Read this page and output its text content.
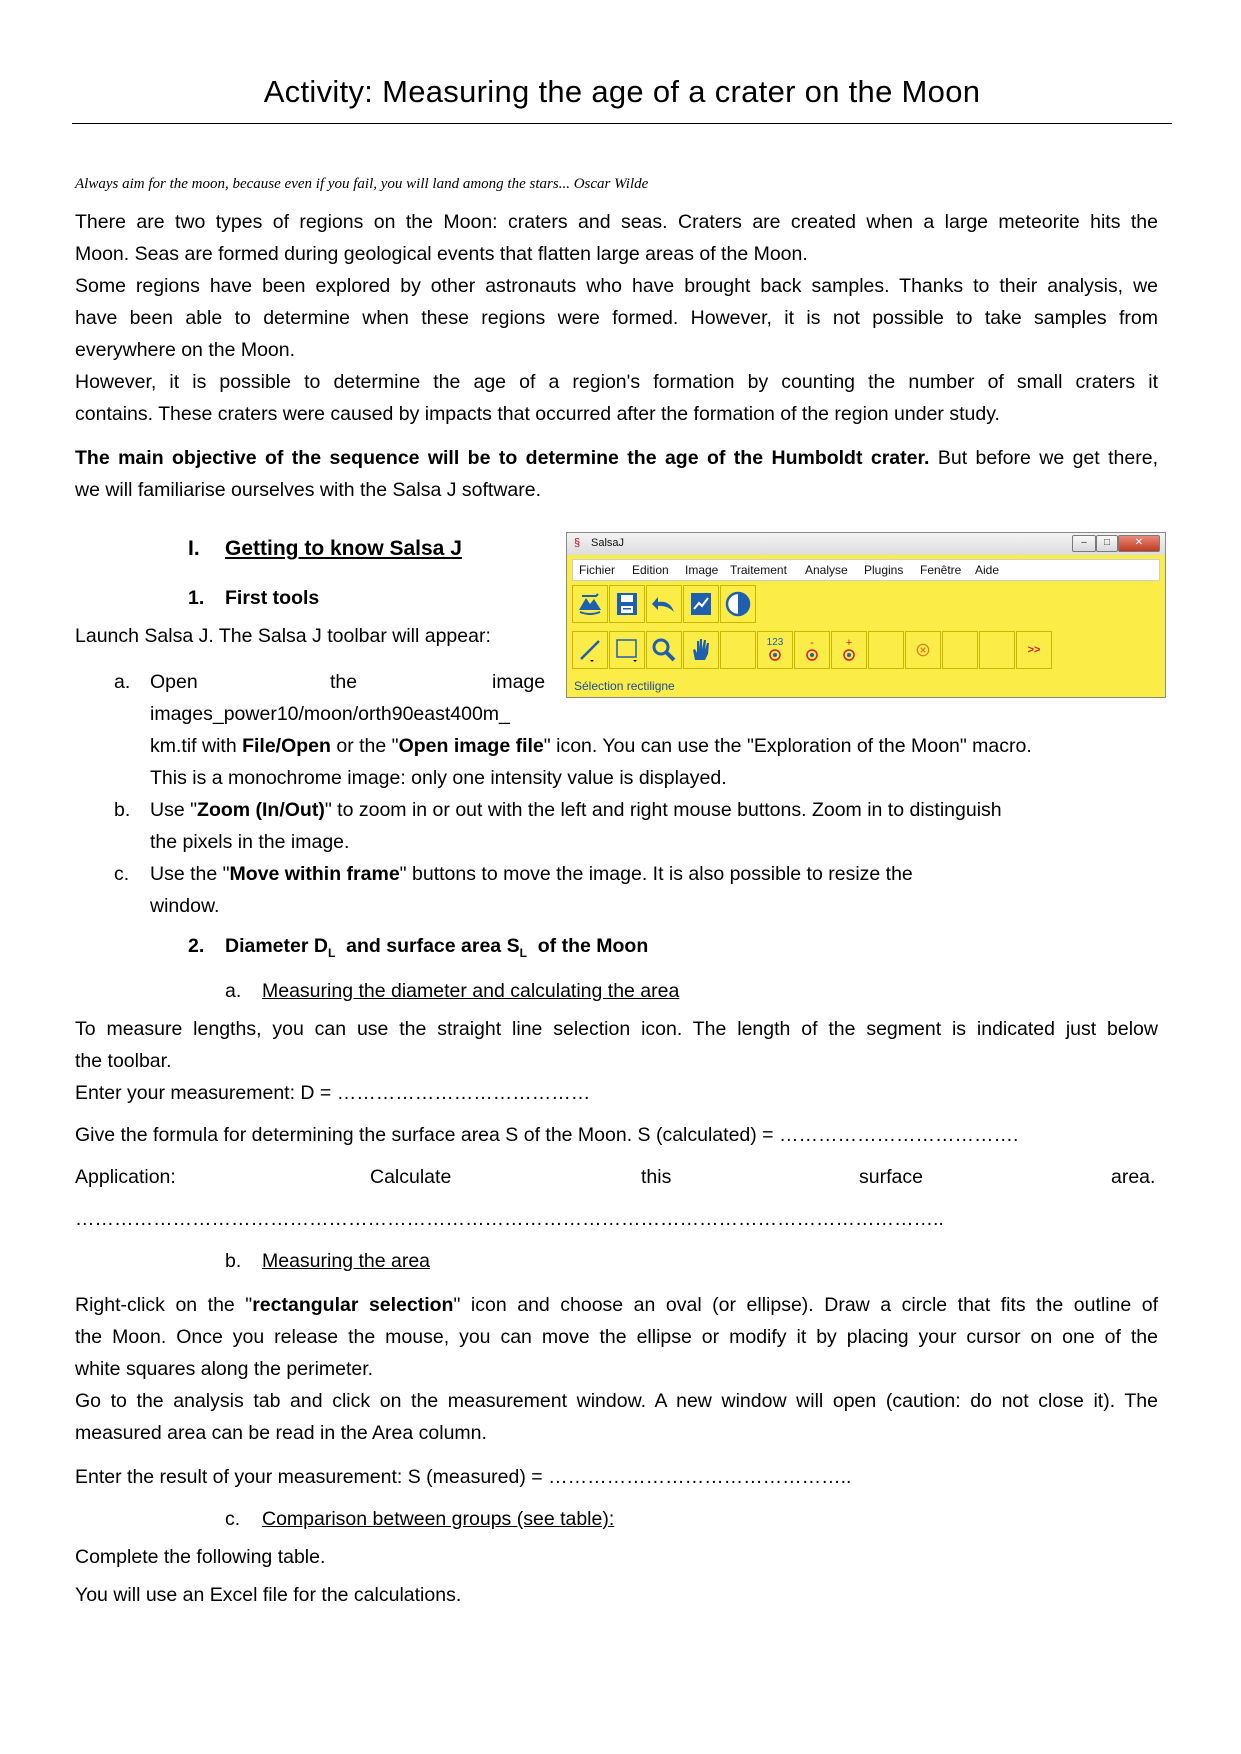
Activity: Measuring the age of a crater on the Moon
Always aim for the moon, because even if you fail, you will land among the stars... Oscar Wilde
There are two types of regions on the Moon: craters and seas. Craters are created when a large meteorite hits the
Moon. Seas are formed during geological events that flatten large areas of the Moon.
Some regions have been explored by other astronauts who have brought back samples. Thanks to their analysis, we
have been able to determine when these regions were formed. However, it is not possible to take samples from
everywhere on the Moon.
However, it is possible to determine the age of a region's formation by counting the number of small craters it
contains. These craters were caused by impacts that occurred after the formation of the region under study.
The main objective of the sequence will be to determine the age of the Humboldt crater. But before we get there,
we will familiarise ourselves with the Salsa J software.
I. Getting to know Salsa J
1. First tools
Launch Salsa J. The Salsa J toolbar will appear:
a. Open	the	image
images_power10/moon/orth90east400m_
km.tif with File/Open or the "Open image file" icon. You can use the "Exploration of the Moon" macro.
This is a monochrome image: only one intensity value is displayed.
b. Use "Zoom (In/Out)" to zoom in or out with the left and right mouse buttons. Zoom in to distinguish
the pixels in the image.
c. Use the "Move within frame" buttons to move the image. It is also possible to resize the
window.
§ SalsaJ	–	□	✕
Fichier Edition Image Traitement Analyse Plugins Fenêtre Aide
123 -	+
>>
Sélection rectiligne
2. Diameter $D_L$  and surface area $S_L$  of the Moon
a. Measuring the diameter and calculating the area
To measure lengths, you can use the straight line selection icon. The length of the segment is indicated just below
the toolbar.
Enter your measurement: D = …………………………………
Give the formula for determining the surface area S of the Moon. S (calculated) = ……………………………….
Application:	Calculate	this	surface	area.
……………………………………………………………………………………………………………………..
b. Measuring the area
Right-click on the "rectangular selection" icon and choose an oval (or ellipse). Draw a circle that fits the outline of
the Moon. Once you release the mouse, you can move the ellipse or modify it by placing your cursor on one of the
white squares along the perimeter.
Go to the analysis tab and click on the measurement window. A new window will open (caution: do not close it). The
measured area can be read in the Area column.
Enter the result of your measurement: S (measured) = ………………………………………..
c. Comparison between groups (see table):
Complete the following table.
You will use an Excel file for the calculations.
